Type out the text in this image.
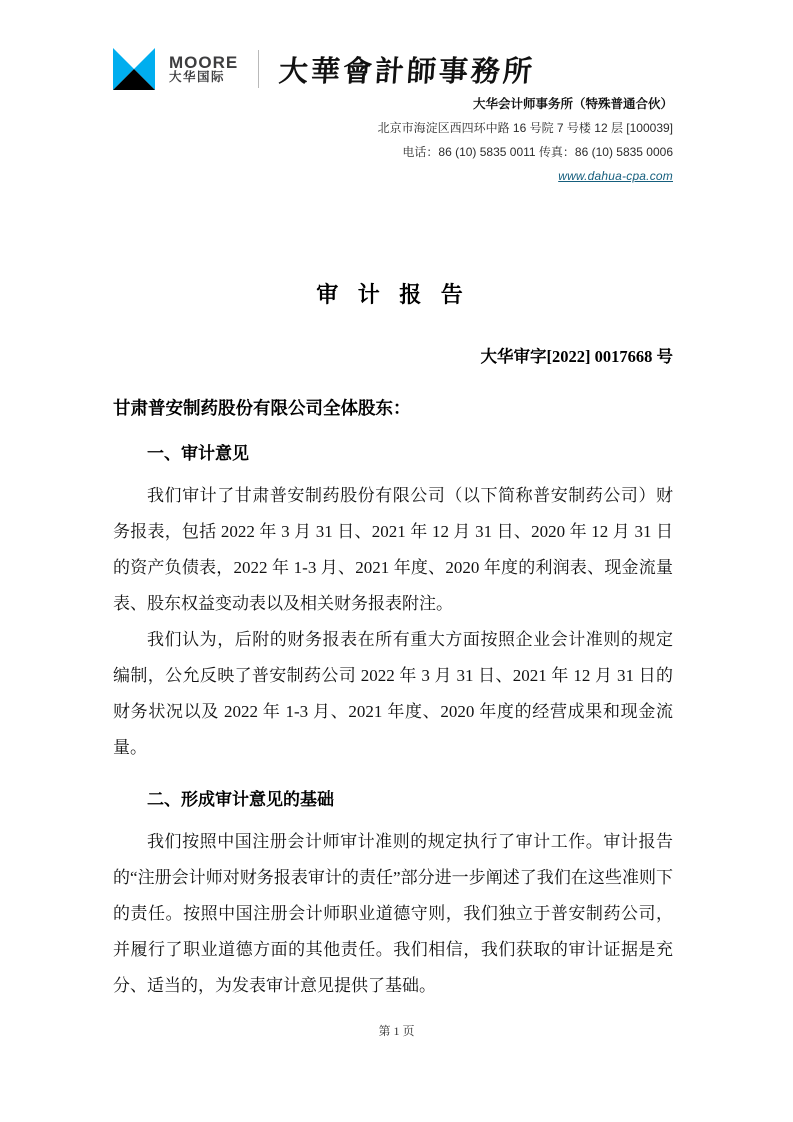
MOORE
大华国际	大華會計師事務所
大华会计师事务所（特殊普通合伙）
北京市海淀区西四环中路 16 号院 7 号楼 12 层 [100039]
电话：86 (10) 5835 0011 传真：86 (10) 5835 0006
www.dahua-cpa.com
审 计 报 告
大华审字[2022] 0017668 号
甘肃普安制药股份有限公司全体股东：
一、审计意见

我们审计了甘肃普安制药股份有限公司（以下简称普安制药公司）财务报表，包括 2022 年 3 月 31 日、2021 年 12 月 31 日、2020 年 12 月 31 日的资产负债表，2022 年 1-3 月、2021 年度、2020 年度的利润表、现金流量表、股东权益变动表以及相关财务报表附注。

我们认为，后附的财务报表在所有重大方面按照企业会计准则的规定编制，公允反映了普安制药公司 2022 年 3 月 31 日、2021 年 12 月 31 日的财务状况以及 2022 年 1-3 月、2021 年度、2020 年度的经营成果和现金流量。

二、形成审计意见的基础

我们按照中国注册会计师审计准则的规定执行了审计工作。审计报告的“注册会计师对财务报表审计的责任”部分进一步阐述了我们在这些准则下的责任。按照中国注册会计师职业道德守则，我们独立于普安制药公司，并履行了职业道德方面的其他责任。我们相信，我们获取的审计证据是充分、适当的，为发表审计意见提供了基础。

第 1 页
